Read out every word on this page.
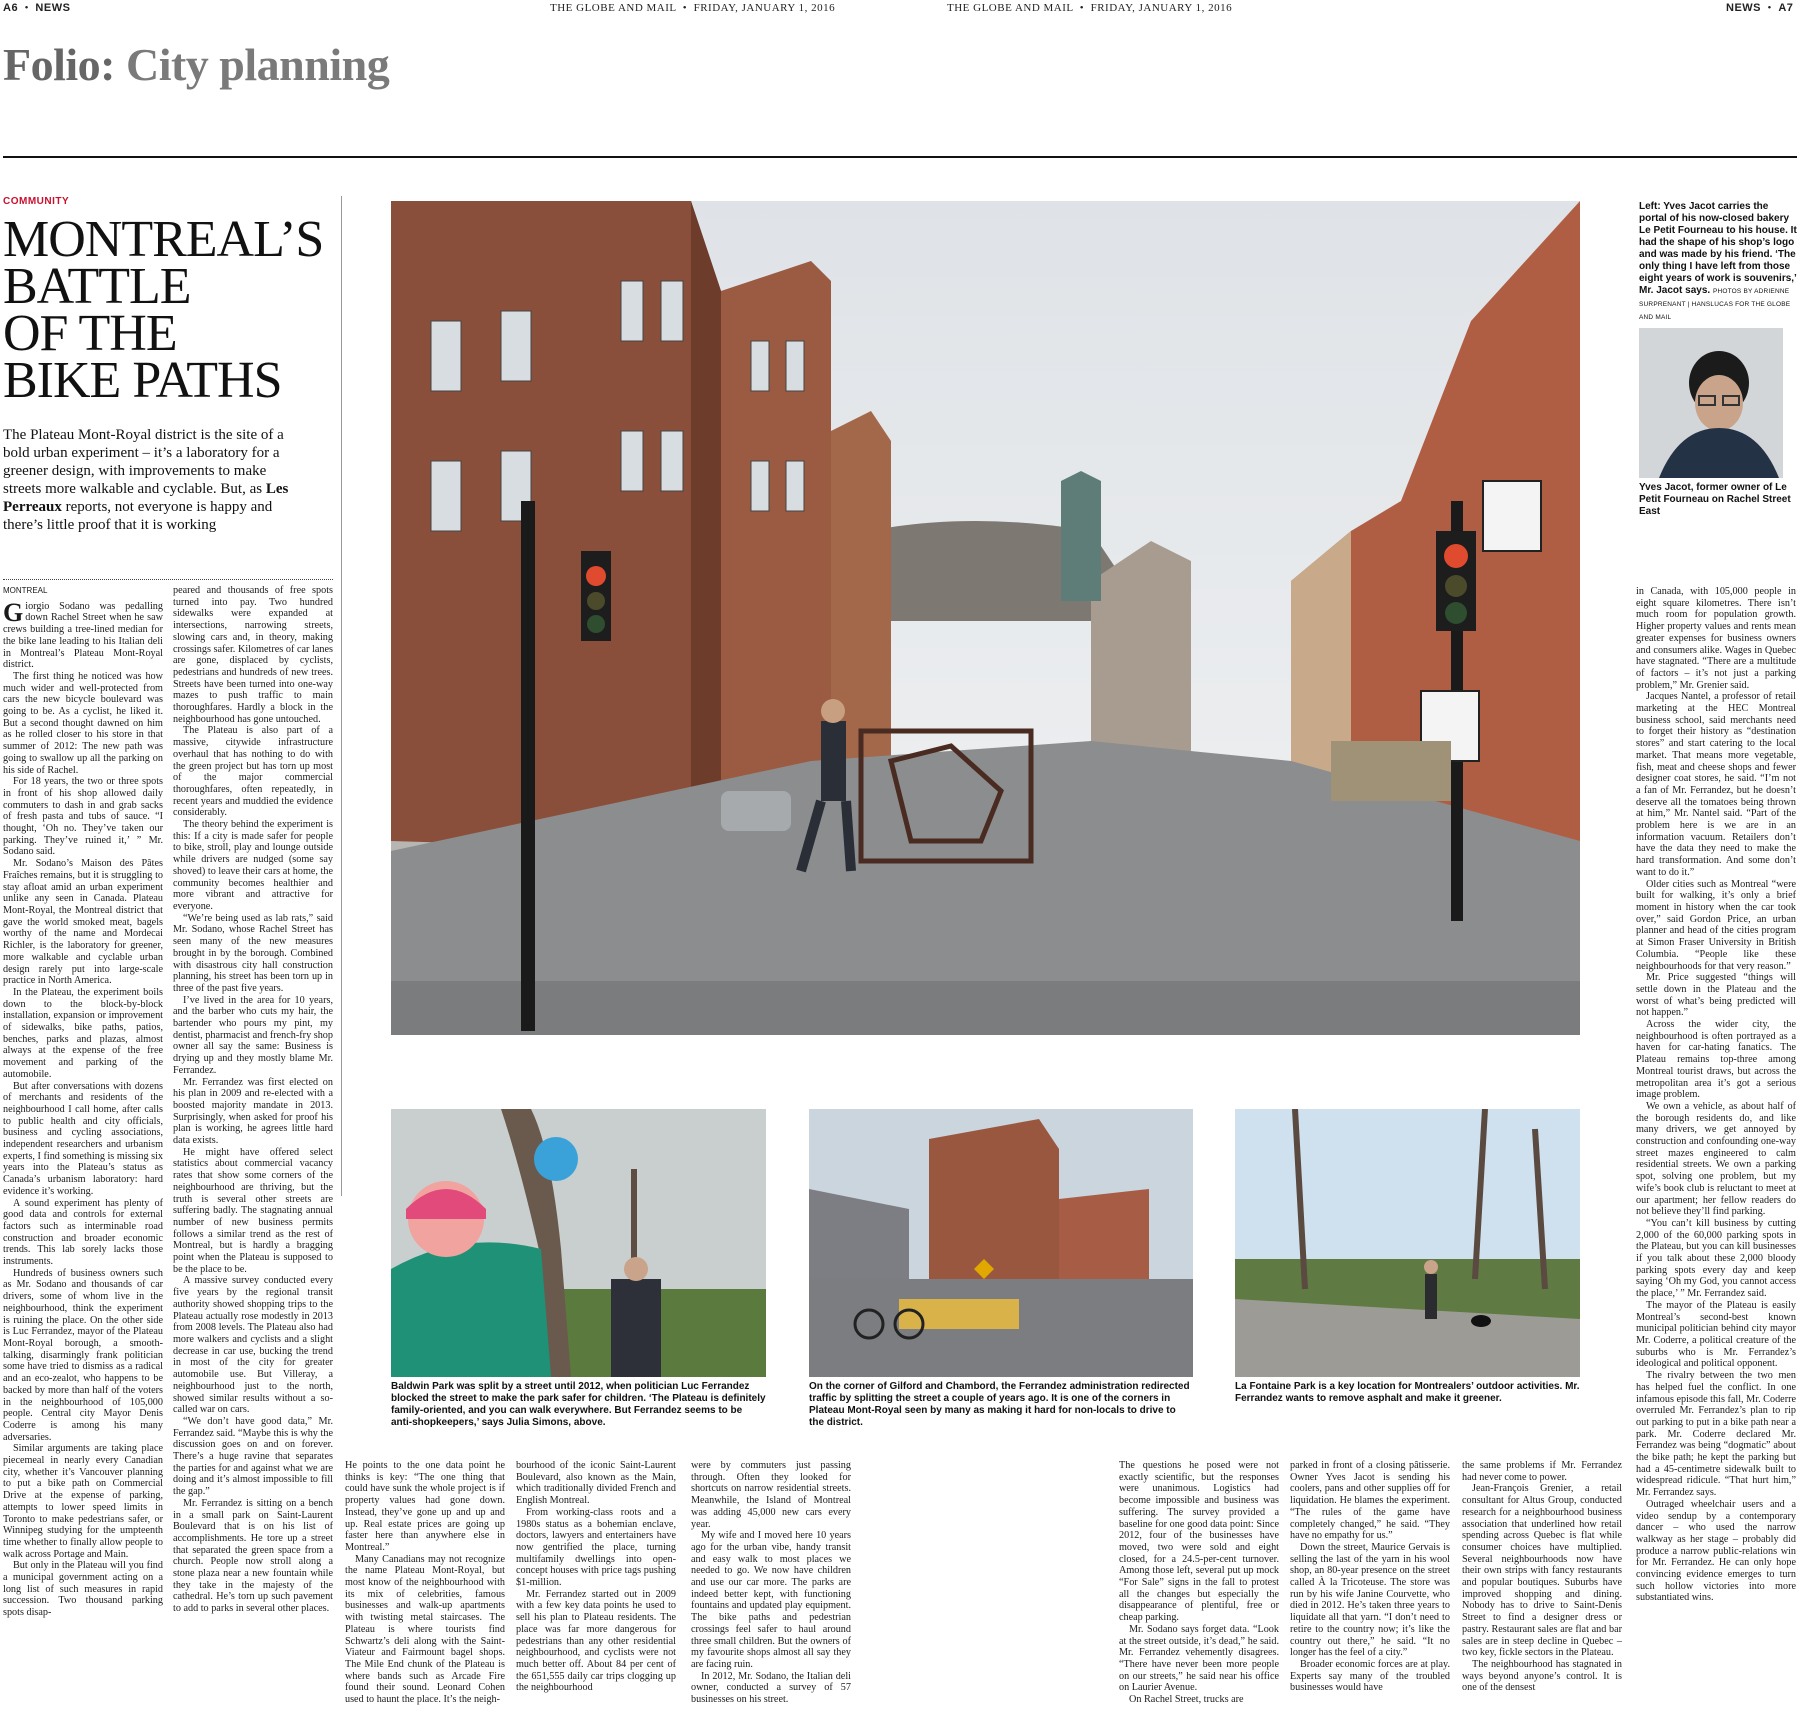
A6  •  NEWS	THE GLOBE AND MAIL  •  FRIDAY, JANUARY 1, 2016	THE GLOBE AND MAIL  •  FRIDAY, JANUARY 1, 2016	NEWS  •  A7
Folio: City planning
COMMUNITY
MONTREAL’S
BATTLE
OF THE
BIKE PATHS
The Plateau Mont-Royal district is the site of a bold urban experiment – it’s a laboratory for a greener design, with improvements to make streets more walkable and cyclable. But, as Les Perreaux reports, not everyone is happy and there’s little proof that it is working
MONTREAL

Giorgio Sodano was pedalling down Rachel Street when he saw crews building a tree-lined median for the bike lane leading to his Italian deli in Montreal’s Plateau Mont-Royal district.

The first thing he noticed was how much wider and well-protected from cars the new bicycle boulevard was going to be. As a cyclist, he liked it. But a second thought dawned on him as he rolled closer to his store in that summer of 2012: The new path was going to swallow up all the parking on his side of Rachel.

For 18 years, the two or three spots in front of his shop allowed daily commuters to dash in and grab sacks of fresh pasta and tubs of sauce. “I thought, ‘Oh no. They’ve taken our parking. They’ve ruined it,’ ” Mr. Sodano said.

Mr. Sodano’s Maison des Pâtes Fraîches remains, but it is struggling to stay afloat amid an urban experiment unlike any seen in Canada. Plateau Mont-Royal, the Montreal district that gave the world smoked meat, bagels worthy of the name and Mordecai Richler, is the laboratory for greener, more walkable and cyclable urban design rarely put into large-scale practice in North America.

In the Plateau, the experiment boils down to the block-by-block installation, expansion or improvement of sidewalks, bike paths, patios, benches, parks and plazas, almost always at the expense of the free movement and parking of the automobile.

But after conversations with dozens of merchants and residents of the neighbourhood I call home, after calls to public health and city officials, business and cycling associations, independent researchers and urbanism experts, I find something is missing six years into the Plateau’s status as Canada’s urbanism laboratory: hard evidence it’s working.

A sound experiment has plenty of good data and controls for external factors such as interminable road construction and broader economic trends. This lab sorely lacks those instruments.

Hundreds of business owners such as Mr. Sodano and thousands of car drivers, some of whom live in the neighbourhood, think the experiment is ruining the place. On the other side is Luc Ferrandez, mayor of the Plateau Mont-Royal borough, a smooth-talking, disarmingly frank politician some have tried to dismiss as a radical and an eco-zealot, who happens to be backed by more than half of the voters in the neighbourhood of 105,000 people. Central city Mayor Denis Coderre is among his many adversaries.

Similar arguments are taking place piecemeal in nearly every Canadian city, whether it’s Vancouver planning to put a bike path on Commercial Drive at the expense of parking, attempts to lower speed limits in Toronto to make pedestrians safer, or Winnipeg studying for the umpteenth time whether to finally allow people to walk across Portage and Main.

But only in the Plateau will you find a municipal government acting on a long list of such measures in rapid succession. Two thousand parking spots disap-

peared and thousands of free spots turned into pay. Two hundred sidewalks were expanded at intersections, narrowing streets, slowing cars and, in theory, making crossings safer. Kilometres of car lanes are gone, displaced by cyclists, pedestrians and hundreds of new trees. Streets have been turned into one-way mazes to push traffic to main thoroughfares. Hardly a block in the neighbourhood has gone untouched.

The Plateau is also part of a massive, citywide infrastructure overhaul that has nothing to do with the green project but has torn up most of the major commercial thoroughfares, often repeatedly, in recent years and muddied the evidence considerably.

The theory behind the experiment is this: If a city is made safer for people to bike, stroll, play and lounge outside while drivers are nudged (some say shoved) to leave their cars at home, the community becomes healthier and more vibrant and attractive for everyone.

“We’re being used as lab rats,” said Mr. Sodano, whose Rachel Street has seen many of the new measures brought in by the borough. Combined with disastrous city hall construction planning, his street has been torn up in three of the past five years.

I’ve lived in the area for 10 years, and the barber who cuts my hair, the bartender who pours my pint, my dentist, pharmacist and french-fry shop owner all say the same: Business is drying up and they mostly blame Mr. Ferrandez.

Mr. Ferrandez was first elected on his plan in 2009 and re-elected with a boosted majority mandate in 2013. Surprisingly, when asked for proof his plan is working, he agrees little hard data exists.

He might have offered select statistics about commercial vacancy rates that show some corners of the neighbourhood are thriving, but the truth is several other streets are suffering badly. The stagnating annual number of new business permits follows a similar trend as the rest of Montreal, but is hardly a bragging point when the Plateau is supposed to be the place to be.

A massive survey conducted every five years by the regional transit authority showed shopping trips to the Plateau actually rose modestly in 2013 from 2008 levels. The Plateau also had more walkers and cyclists and a slight decrease in car use, bucking the trend in most of the city for greater automobile use. But Villeray, a neighbourhood just to the north, showed similar results without a so-called war on cars.

“We don’t have good data,” Mr. Ferrandez said. “Maybe this is why the discussion goes on and on forever. There’s a huge ravine that separates the parties for and against what we are doing and it’s almost impossible to fill the gap.”

Mr. Ferrandez is sitting on a bench in a small park on Saint-Laurent Boulevard that is on his list of accomplishments. He tore up a street that separated the green space from a church. People now stroll along a stone plaza near a new fountain while they take in the majesty of the cathedral. He’s torn up such pavement to add to parks in several other places.

Left: Yves Jacot carries the portal of his now-closed bakery Le Petit Fourneau to his house. It had the shape of his shop’s logo and was made by his friend. ‘The only thing I have left from those eight years of work is souvenirs,’ Mr. Jacot says. PHOTOS BY ADRIENNE SURPRENANT | HANSLUCAS FOR THE GLOBE AND MAIL
Yves Jacot, former owner of Le Petit Fourneau on Rachel Street East
Baldwin Park was split by a street until 2012, when politician Luc Ferrandez blocked the street to make the park safer for children. ‘The Plateau is definitely family-oriented, and you can walk everywhere. But Ferrandez seems to be anti-shopkeepers,’ says Julia Simons, above.
On the corner of Gilford and Chambord, the Ferrandez administration redirected traffic by splitting the street a couple of years ago. It is one of the corners in Plateau Mont-Royal seen by many as making it hard for non-locals to drive to the district.
La Fontaine Park is a key location for Montrealers’ outdoor activities. Mr. Ferrandez wants to remove asphalt and make it greener.

He points to the one data point he thinks is key: “The one thing that could have sunk the whole project is if property values had gone down. Instead, they’ve gone up and up and up. Real estate prices are going up faster here than anywhere else in Montreal.”

Many Canadians may not recognize the name Plateau Mont-Royal, but most know of the neighbourhood with its mix of celebrities, famous businesses and walk-up apartments with twisting metal staircases. The Plateau is where tourists find Schwartz’s deli along with the Saint-Viateur and Fairmount bagel shops. The Mile End chunk of the Plateau is where bands such as Arcade Fire found their sound. Leonard Cohen used to haunt the place. It’s the neigh-

bourhood of the iconic Saint-Laurent Boulevard, also known as the Main, which traditionally divided French and English Montreal.

From working-class roots and a 1980s status as a bohemian enclave, doctors, lawyers and entertainers have now gentrified the place, turning multifamily dwellings into open-concept houses with price tags pushing $1-million.

Mr. Ferrandez started out in 2009 with a few key data points he used to sell his plan to Plateau residents. The place was far more dangerous for pedestrians than any other residential neighbourhood, and cyclists were not much better off. About 84 per cent of the 651,555 daily car trips clogging up the neighbourhood

were by commuters just passing through. Often they looked for shortcuts on narrow residential streets. Meanwhile, the Island of Montreal was adding 45,000 new cars every year.

My wife and I moved here 10 years ago for the urban vibe, handy transit and easy walk to most places we needed to go. We now have children and use our car more. The parks are indeed better kept, with functioning fountains and updated play equipment. The bike paths and pedestrian crossings feel safer to haul around three small children. But the owners of my favourite shops almost all say they are facing ruin.

In 2012, Mr. Sodano, the Italian deli owner, conducted a survey of 57 businesses on his street.

The questions he posed were not exactly scientific, but the responses were unanimous. Logistics had become impossible and business was suffering. The survey provided a baseline for one good data point: Since 2012, four of the businesses have moved, two were sold and eight closed, for a 24.5-per-cent turnover. Among those left, several put up mock “For Sale” signs in the fall to protest all the changes but especially the disappearance of plentiful, free or cheap parking.

Mr. Sodano says forget data. “Look at the street outside, it’s dead,” he said. Mr. Ferrandez vehemently disagrees. “There have never been more people on our streets,” he said near his office on Laurier Avenue.

On Rachel Street, trucks are

parked in front of a closing pâtisserie. Owner Yves Jacot is sending his coolers, pans and other supplies off for liquidation. He blames the experiment. “The rules of the game have completely changed,” he said. “They have no empathy for us.”

Down the street, Maurice Gervais is selling the last of the yarn in his wool shop, an 80-year presence on the street called À la Tricoteuse. The store was run by his wife Janine Courvette, who died in 2012. He’s taken three years to liquidate all that yarn. “I don’t need to retire to the country now; it’s like the country out there,” he said. “It no longer has the feel of a city.”

Broader economic forces are at play. Experts say many of the troubled businesses would have

the same problems if Mr. Ferrandez had never come to power.

Jean-François Grenier, a retail consultant for Altus Group, conducted research for a neighbourhood business association that underlined how retail spending across Quebec is flat while consumer choices have multiplied. Several neighbourhoods now have their own strips with fancy restaurants and popular boutiques. Suburbs have improved shopping and dining. Nobody has to drive to Saint-Denis Street to find a designer dress or pastry. Restaurant sales are flat and bar sales are in steep decline in Quebec – two key, fickle sectors in the Plateau.

The neighbourhood has stagnated in ways beyond anyone’s control. It is one of the densest

in Canada, with 105,000 people in eight square kilometres. There isn’t much room for population growth. Higher property values and rents mean greater expenses for business owners and consumers alike. Wages in Quebec have stagnated. “There are a multitude of factors – it’s not just a parking problem,” Mr. Grenier said.

Jacques Nantel, a professor of retail marketing at the HEC Montreal business school, said merchants need to forget their history as “destination stores” and start catering to the local market. That means more vegetable, fish, meat and cheese shops and fewer designer coat stores, he said. “I’m not a fan of Mr. Ferrandez, but he doesn’t deserve all the tomatoes being thrown at him,” Mr. Nantel said. “Part of the problem here is we are in an information vacuum. Retailers don’t have the data they need to make the hard transformation. And some don’t want to do it.”

Older cities such as Montreal “were built for walking, it’s only a brief moment in history when the car took over,” said Gordon Price, an urban planner and head of the cities program at Simon Fraser University in British Columbia. “People like these neighbourhoods for that very reason.”

Mr. Price suggested “things will settle down in the Plateau and the worst of what’s being predicted will not happen.”

Across the wider city, the neighbourhood is often portrayed as a haven for car-hating fanatics. The Plateau remains top-three among Montreal tourist draws, but across the metropolitan area it’s got a serious image problem.

We own a vehicle, as about half of the borough residents do, and like many drivers, we get annoyed by construction and confounding one-way street mazes engineered to calm residential streets. We own a parking spot, solving one problem, but my wife’s book club is reluctant to meet at our apartment; her fellow readers do not believe they’ll find parking.

“You can’t kill business by cutting 2,000 of the 60,000 parking spots in the Plateau, but you can kill businesses if you talk about these 2,000 bloody parking spots every day and keep saying ‘Oh my God, you cannot access the place,’ ” Mr. Ferrandez said.

The mayor of the Plateau is easily Montreal’s second-best known municipal politician behind city mayor Mr. Coderre, a political creature of the suburbs who is Mr. Ferrandez’s ideological and political opponent.

The rivalry between the two men has helped fuel the conflict. In one infamous episode this fall, Mr. Coderre overruled Mr. Ferrandez’s plan to rip out parking to put in a bike path near a park. Mr. Coderre declared Mr. Ferrandez was being “dogmatic” about the bike path; he kept the parking but had a 45-centimetre sidewalk built to widespread ridicule. “That hurt him,” Mr. Ferrandez says.

Outraged wheelchair users and a video sendup by a contemporary dancer – who used the narrow walkway as her stage – probably did produce a narrow public-relations win for Mr. Ferrandez. He can only hope convincing evidence emerges to turn such hollow victories into more substantiated wins.
